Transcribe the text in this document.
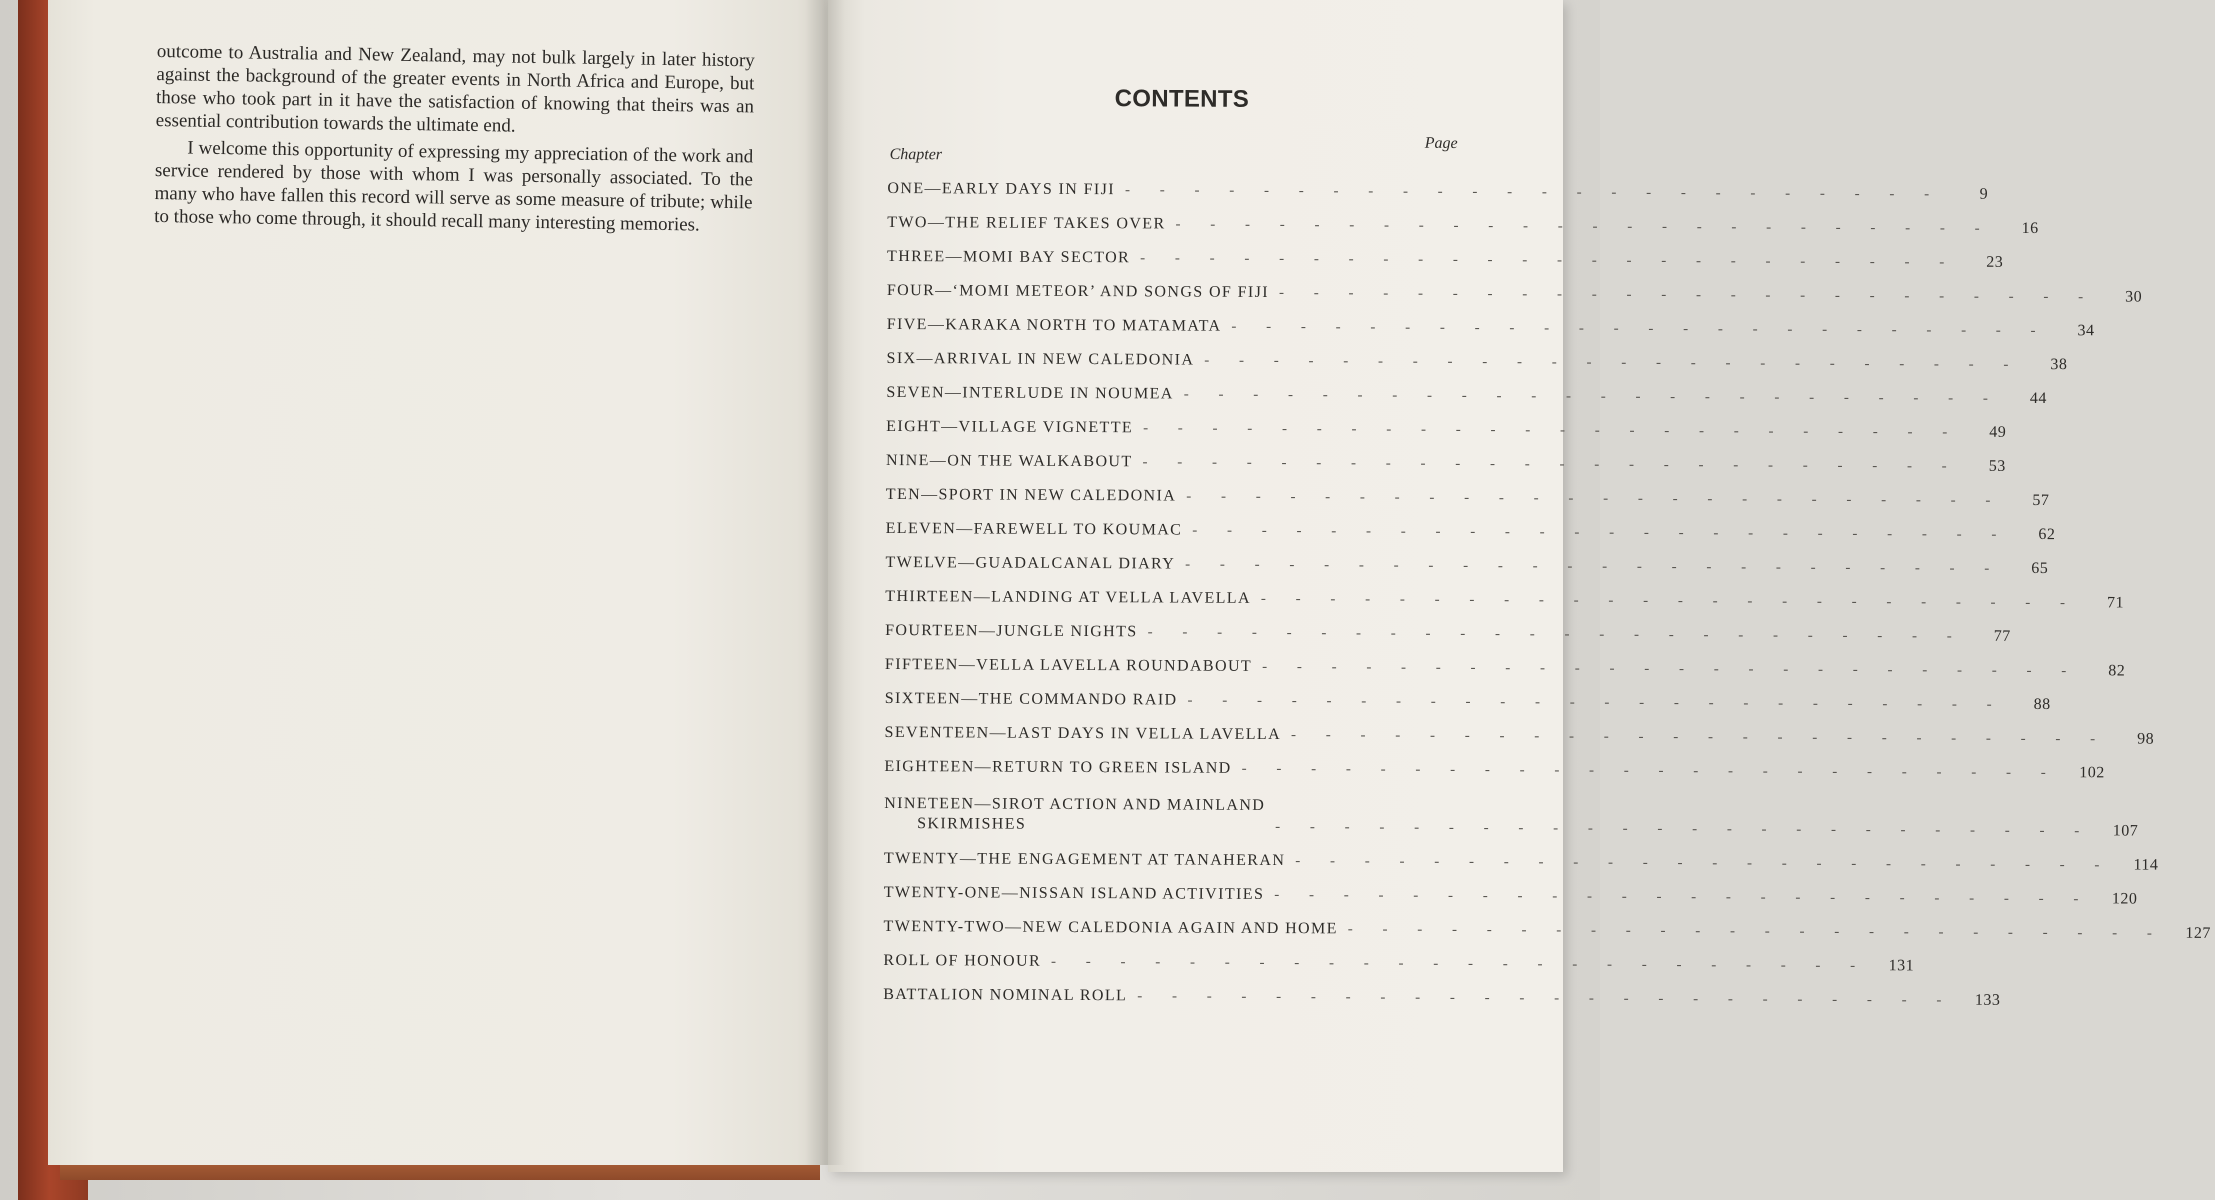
outcome to Australia and New Zealand, may not bulk largely in later history against the background of the greater events in North Africa and Europe, but those who took part in it have the satisfaction of knowing that theirs was an essential contribution towards the ultimate end.

I welcome this opportunity of expressing my appreciation of the work and service rendered by those with whom I was personally associated. To the many who have fallen this record will serve as some measure of tribute; while to those who come through, it should recall many interesting memories.

CONTENTS
Chapter
Page
ONE—EARLY DAYS IN FIJI - - - - - - - - - - - - - - - - - - - - - - - -	9
TWO—THE RELIEF TAKES OVER - - - - - - - - - - - - - - - - - - - - - - - -	16
THREE—MOMI BAY SECTOR - - - - - - - - - - - - - - - - - - - - - - - -	23
FOUR—‘MOMI METEOR’ AND SONGS OF FIJI - - - - - - - - - - - - - - - - - - - - - - - -	30
FIVE—KARAKA NORTH TO MATAMATA - - - - - - - - - - - - - - - - - - - - - - - -	34
SIX—ARRIVAL IN NEW CALEDONIA - - - - - - - - - - - - - - - - - - - - - - - -	38
SEVEN—INTERLUDE IN NOUMEA - - - - - - - - - - - - - - - - - - - - - - - -	44
EIGHT—VILLAGE VIGNETTE - - - - - - - - - - - - - - - - - - - - - - - -	49
NINE—ON THE WALKABOUT - - - - - - - - - - - - - - - - - - - - - - - -	53
TEN—SPORT IN NEW CALEDONIA - - - - - - - - - - - - - - - - - - - - - - - -	57
ELEVEN—FAREWELL TO KOUMAC - - - - - - - - - - - - - - - - - - - - - - - -	62
TWELVE—GUADALCANAL DIARY - - - - - - - - - - - - - - - - - - - - - - - -	65
THIRTEEN—LANDING AT VELLA LAVELLA - - - - - - - - - - - - - - - - - - - - - - - -	71
FOURTEEN—JUNGLE NIGHTS - - - - - - - - - - - - - - - - - - - - - - - -	77
FIFTEEN—VELLA LAVELLA ROUNDABOUT - - - - - - - - - - - - - - - - - - - - - - - -	82
SIXTEEN—THE COMMANDO RAID - - - - - - - - - - - - - - - - - - - - - - - -	88
SEVENTEEN—LAST DAYS IN VELLA LAVELLA - - - - - - - - - - - - - - - - - - - - - - - -	98
EIGHTEEN—RETURN TO GREEN ISLAND - - - - - - - - - - - - - - - - - - - - - - - -	102
NINETEEN—SIROT ACTION AND MAINLAND
SKIRMISHES	- - - - - - - - - - - - - - - - - - - - - - - -	107
TWENTY—THE ENGAGEMENT AT TANAHERAN - - - - - - - - - - - - - - - - - - - - - - - -	114
TWENTY-ONE—NISSAN ISLAND ACTIVITIES - - - - - - - - - - - - - - - - - - - - - - - -	120
TWENTY-TWO—NEW CALEDONIA AGAIN AND HOME - - - - - - - - - - - - - - - - - - - - - - - -	127
ROLL OF HONOUR - - - - - - - - - - - - - - - - - - - - - - - -	131
BATTALION NOMINAL ROLL - - - - - - - - - - - - - - - - - - - - - - - -	133
